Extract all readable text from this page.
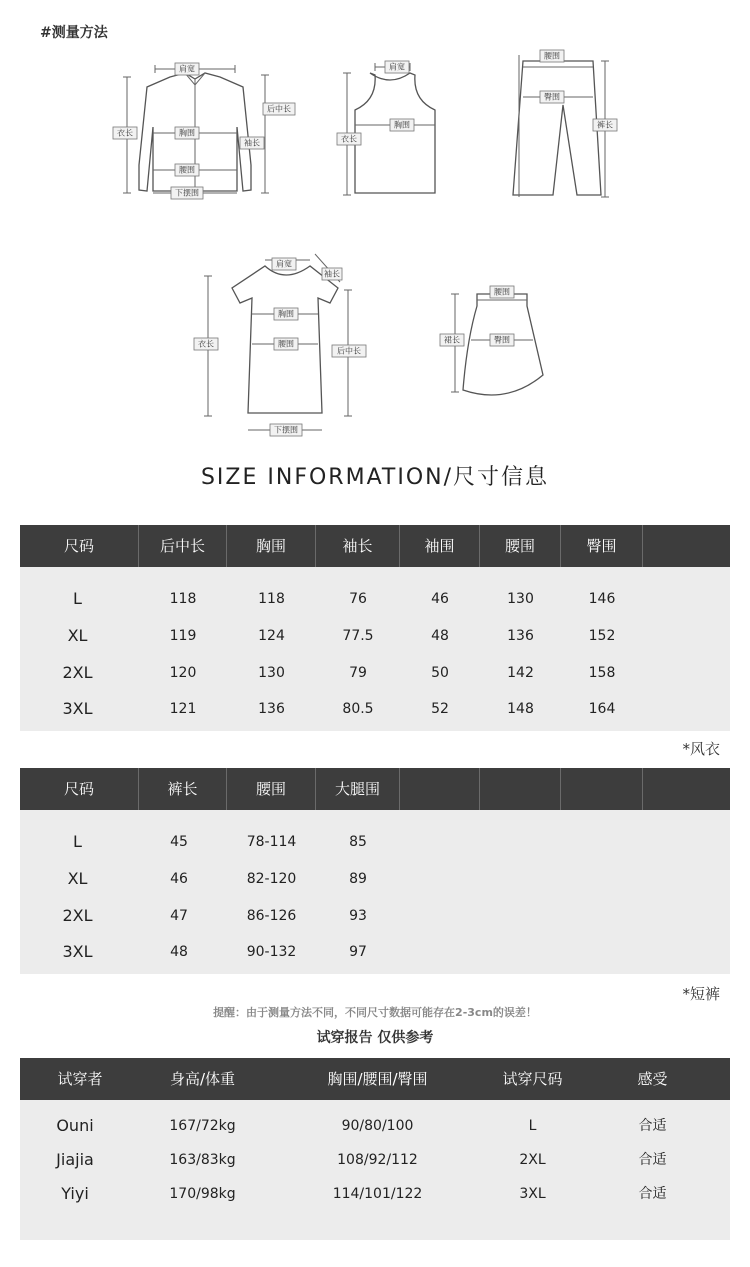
#测量方法
肩宽
后中长
衣长	胸围
袖长
腰围
下摆围
肩宽
衣长
胸围
腰围
臀围
裤长
肩宽
袖长
衣长
胸围
腰围
后中长
下摆围
腰围
裙长	臀围
SIZE INFORMATION/尺寸信息
尺码	后中长	胸围	袖长	袖围	腰围	臀围
L	118	118	76	46	130	146
XL	119	124	77.5	48	136	152
2XL	120	130	79	50	142	158
3XL	121	136	80.5	52	148	164
*风衣
尺码	裤长	腰围	大腿围
L	45	78-114	85
XL	46	82-120	89
2XL	47	86-126	93
3XL	48	90-132	97
*短裤
提醒：由于测量方法不同，不同尺寸数据可能存在2-3cm的误差！
试穿报告 仅供参考
试穿者	身高/体重	胸围/腰围/臀围	试穿尺码	感受
Ouni	167/72kg	90/80/100	L	合适
Jiajia	163/83kg	108/92/112	2XL	合适
Yiyi	170/98kg	114/101/122	3XL	合适
